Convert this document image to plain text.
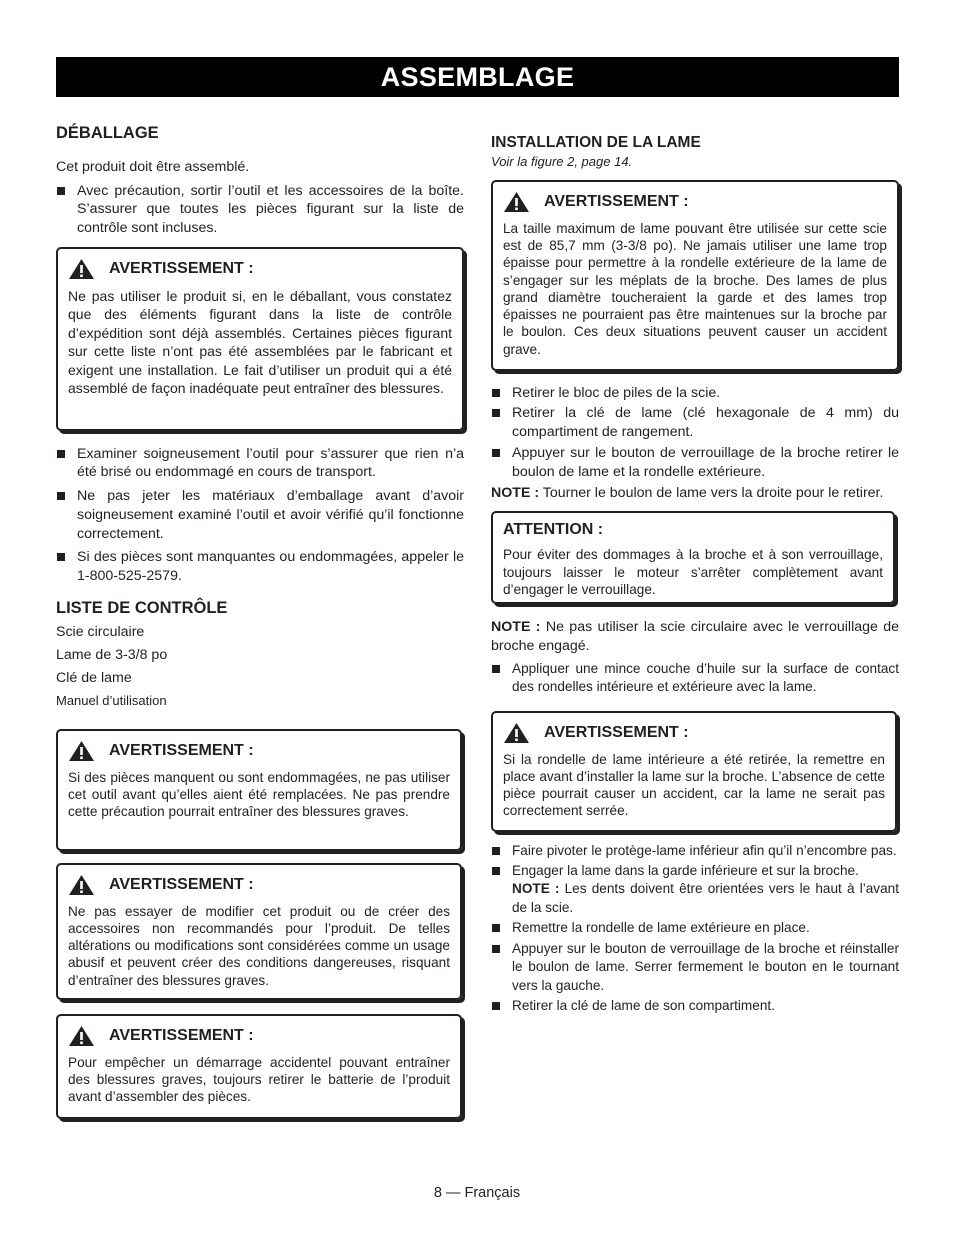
ASSEMBLAGE
DÉBALLAGE

Cet produit doit être assemblé.

Avec précaution, sortir l’outil et les accessoires de la boîte. S’assurer que toutes les pièces figurant sur la liste de contrôle sont incluses.
AVERTISSEMENT :
Ne pas utiliser le produit si, en le déballant, vous constatez que des éléments figurant dans la liste de contrôle d’expédition sont déjà assemblés. Certaines pièces figurant sur cette liste n’ont pas été assemblées par le fabricant et exigent une installation. Le fait d’utiliser un produit qui a été assemblé de façon inadéquate peut entraîner des blessures.
Examiner soigneusement l’outil pour s’assurer que rien n’a été brisé ou endommagé en cours de transport.
Ne pas jeter les matériaux d’emballage avant d’avoir soigneusement examiné l’outil et avoir vérifié qu’il fonctionne correctement.
Si des pièces sont manquantes ou endommagées, appeler le 1-800-525-2579.
LISTE DE CONTRÔLE
Scie circulaire
Lame de 3-3/8 po
Clé de lame
Manuel d’utilisation
AVERTISSEMENT :
Si des pièces manquent ou sont endommagées, ne pas utiliser cet outil avant qu’elles aient été remplacées. Ne pas prendre cette précaution pourrait entraîner des blessures graves.
AVERTISSEMENT :
Ne pas essayer de modifier cet produit ou de créer des accessoires non recommandés pour l’produit. De telles altérations ou modifications sont considérées comme un usage abusif et peuvent créer des conditions dangereuses, risquant d’entraîner des blessures graves.
AVERTISSEMENT :
Pour empêcher un démarrage accidentel pouvant entraîner des blessures graves, toujours retirer le batterie de l’produit avant d’assembler des pièces.
INSTALLATION DE LA LAME
Voir la figure 2, page 14.
AVERTISSEMENT :
La taille maximum de lame pouvant être utilisée sur cette scie est de 85,7 mm (3-3/8 po). Ne jamais utiliser une lame trop épaisse pour permettre à la rondelle extérieure de la lame de s’engager sur les méplats de la broche. Des lames de plus grand diamètre toucheraient la garde et des lames trop épaisses ne pourraient pas être maintenues sur la broche par le boulon. Ces deux situations peuvent causer un accident grave.
Retirer le bloc de piles de la scie.
Retirer la clé de lame (clé hexagonale de 4 mm) du compartiment de rangement.
Appuyer sur le bouton de verrouillage de la broche retirer le boulon de lame et la rondelle extérieure.

NOTE : Tourner le boulon de lame vers la droite pour le retirer.

ATTENTION :
Pour éviter des dommages à la broche et à son verrouillage, toujours laisser le moteur s’arrêter complètement avant d’engager le verrouillage.

NOTE : Ne pas utiliser la scie circulaire avec le verrouillage de broche engagé.

Appliquer une mince couche d’huile sur la surface de contact des rondelles intérieure et extérieure avec la lame.
AVERTISSEMENT :
Si la rondelle de lame intérieure a été retirée, la remettre en place avant d’installer la lame sur la broche. L’absence de cette pièce pourrait causer un accident, car la lame ne serait pas correctement serrée.
Faire pivoter le protège-lame inférieur afin qu’il n’encombre pas.
Engager la lame dans la garde inférieure et sur la broche.
NOTE : Les dents doivent être orientées vers le haut à l’avant de la scie.
Remettre la rondelle de lame extérieure en place.
Appuyer sur le bouton de verrouillage de la broche et réinstaller le boulon de lame. Serrer fermement le bouton en le tournant vers la gauche.
Retirer la clé de lame de son compartiment.
8 — Français
